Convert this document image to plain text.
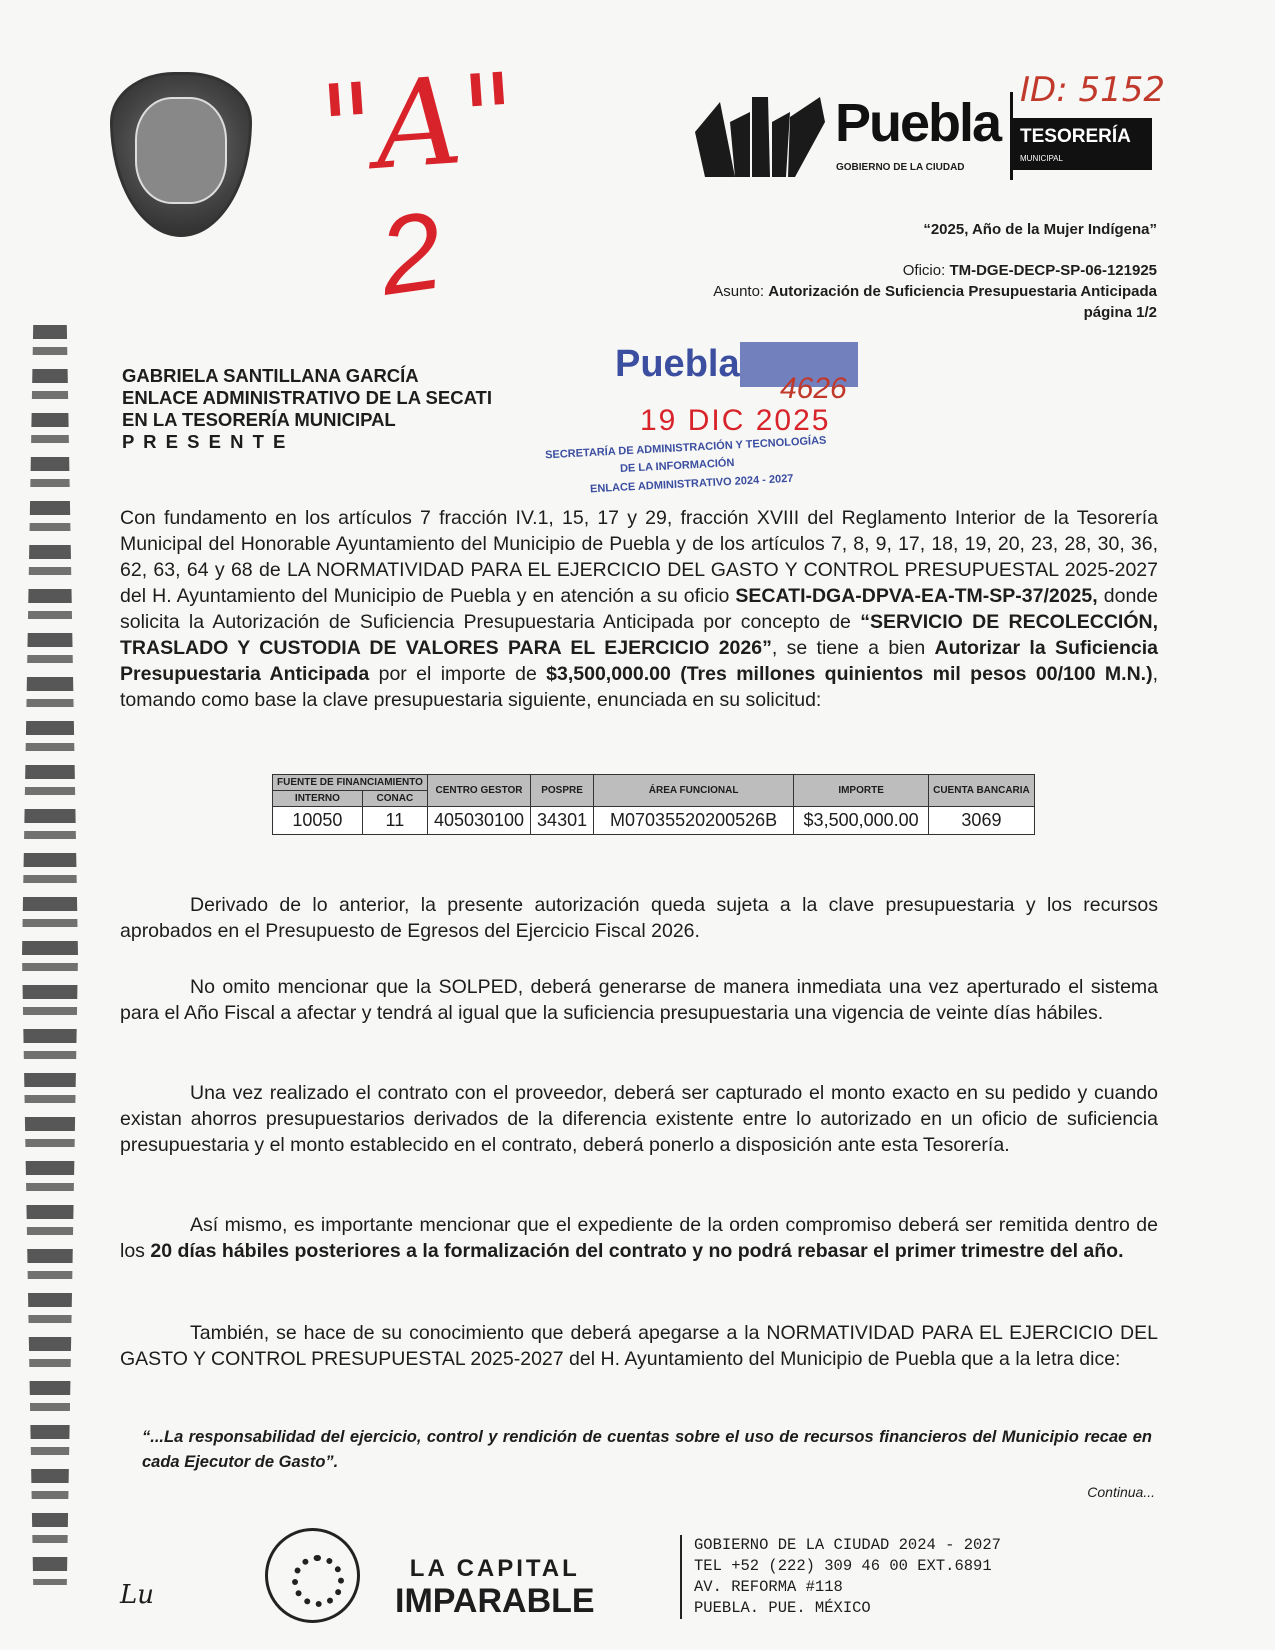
"A"
2
Puebla
GOBIERNO DE LA CIUDAD
TESORERÍA
MUNICIPAL
ID: 5152
“2025, Año de la Mujer Indígena”
Oficio: TM-DGE-DECP-SP-06-121925
Asunto: Autorización de Suficiencia Presupuestaria Anticipada
página 1/2
GABRIELA SANTILLANA GARCÍA
ENLACE ADMINISTRATIVO DE LA SECATI
EN LA TESORERÍA MUNICIPAL
P R E S E N T E
Puebla
4626
19 DIC 2025
SECRETARÍA DE ADMINISTRACIÓN Y TECNOLOGÍAS
DE LA INFORMACIÓN
ENLACE ADMINISTRATIVO 2024 - 2027
Con fundamento en los artículos 7 fracción IV.1, 15, 17 y 29, fracción XVIII del Reglamento Interior de la Tesorería Municipal del Honorable Ayuntamiento del Municipio de Puebla y de los artículos 7, 8, 9, 17, 18, 19, 20, 23, 28, 30, 36, 62, 63, 64 y 68 de LA NORMATIVIDAD PARA EL EJERCICIO DEL GASTO Y CONTROL PRESUPUESTAL 2025-2027 del H. Ayuntamiento del Municipio de Puebla y en atención a su oficio SECATI-DGA-DPVA-EA-TM-SP-37/2025, donde solicita la Autorización de Suficiencia Presupuestaria Anticipada por concepto de “SERVICIO DE RECOLECCIÓN, TRASLADO Y CUSTODIA DE VALORES PARA EL EJERCICIO 2026”, se tiene a bien Autorizar la Suficiencia Presupuestaria Anticipada por el importe de $3,500,000.00 (Tres millones quinientos mil pesos 00/100 M.N.), tomando como base la clave presupuestaria siguiente, enunciada en su solicitud:
FUENTE DE FINANCIAMIENTO		CENTRO GESTOR	POSPRE	ÁREA FUNCIONAL	IMPORTE	CUENTA BANCARIA
INTERNO	CONAC					
10050	11	405030100	34301	M07035520200526B	$3,500,000.00	3069
Derivado de lo anterior, la presente autorización queda sujeta a la clave presupuestaria y los recursos aprobados en el Presupuesto de Egresos del Ejercicio Fiscal 2026.
No omito mencionar que la SOLPED, deberá generarse de manera inmediata una vez aperturado el sistema para el Año Fiscal a afectar y tendrá al igual que la suficiencia presupuestaria una vigencia de veinte días hábiles.
Una vez realizado el contrato con el proveedor, deberá ser capturado el monto exacto en su pedido y cuando existan ahorros presupuestarios derivados de la diferencia existente entre lo autorizado en un oficio de suficiencia presupuestaria y el monto establecido en el contrato, deberá ponerlo a disposición ante esta Tesorería.
Así mismo, es importante mencionar que el expediente de la orden compromiso deberá ser remitida dentro de los 20 días hábiles posteriores a la formalización del contrato y no podrá rebasar el primer trimestre del año.
También, se hace de su conocimiento que deberá apegarse a la NORMATIVIDAD PARA EL EJERCICIO DEL GASTO Y CONTROL PRESUPUESTAL 2025-2027 del H. Ayuntamiento del Municipio de Puebla que a la letra dice:
“...La responsabilidad del ejercicio, control y rendición de cuentas sobre el uso de recursos financieros del Municipio recae en cada Ejecutor de Gasto”.
Continua...
Lu
LA CAPITAL
IMPARABLE
GOBIERNO DE LA CIUDAD 2024 - 2027
TEL +52 (222) 309 46 00 EXT.6891
AV. REFORMA #118
PUEBLA. PUE. MÉXICO
